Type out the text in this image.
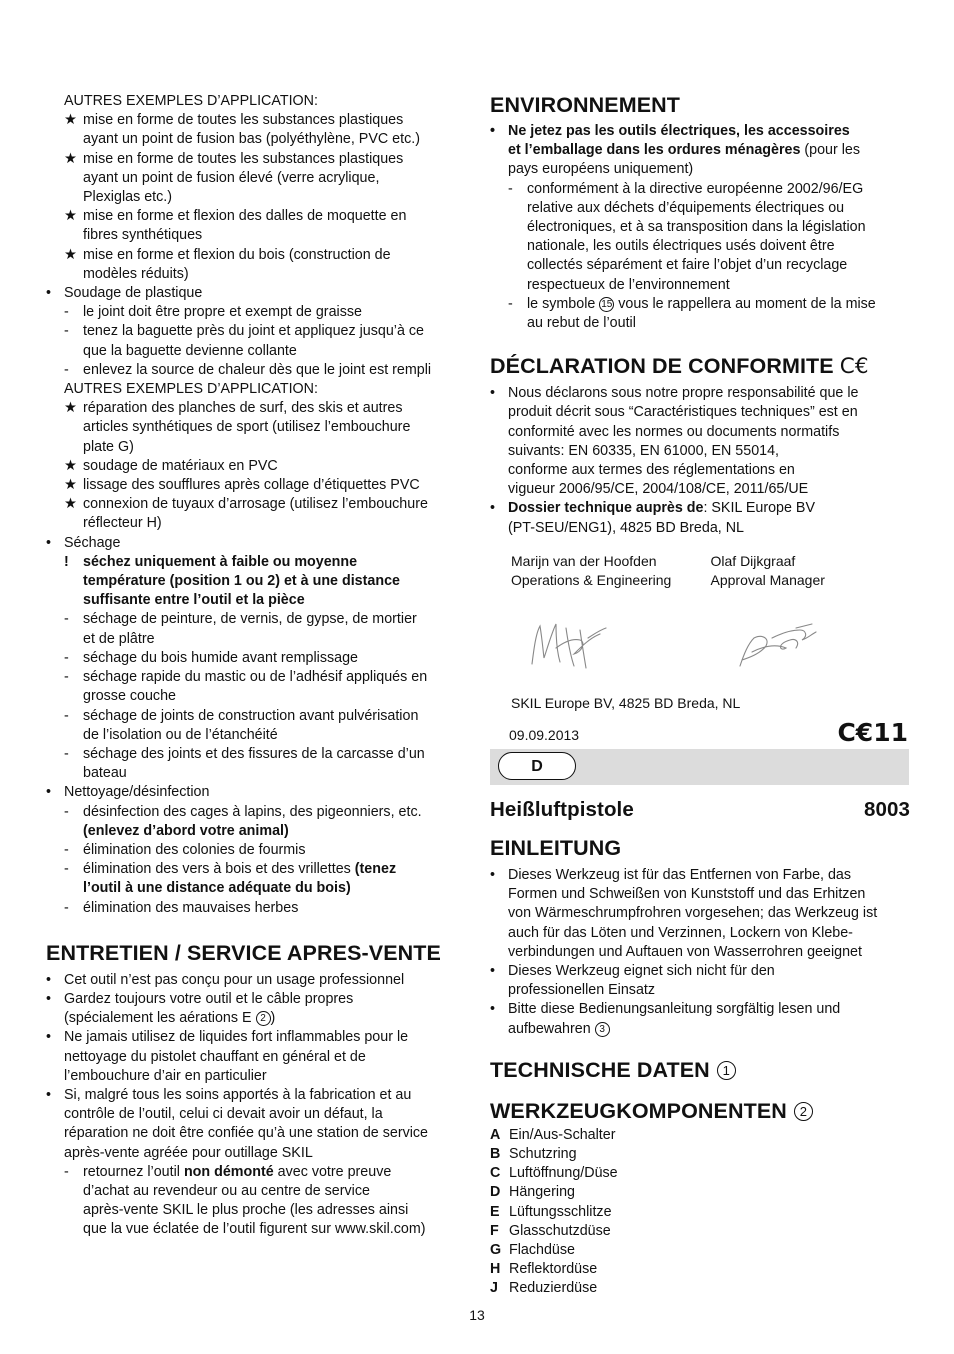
AUTRES EXEMPLES D’APPLICATION:
★ mise en forme de toutes les substances plastiques
ayant un point de fusion bas (polyéthylène, PVC etc.)
★ mise en forme de toutes les substances plastiques
ayant un point de fusion élevé (verre acrylique,
Plexiglas etc.)
★ mise en forme et flexion des dalles de moquette en
fibres synthétiques
★ mise en forme et flexion du bois (construction de
modèles réduits)
• Soudage de plastique
- le joint doit être propre et exempt de graisse
- tenez la baguette près du joint et appliquez jusqu’à ce
que la baguette devienne collante
- enlevez la source de chaleur dès que le joint est rempli
AUTRES EXEMPLES D’APPLICATION:
★ réparation des planches de surf, des skis et autres
articles synthétiques de sport (utilisez l’embouchure
plate G)
★ soudage de matériaux en PVC
★ lissage des soufflures après collage d’étiquettes PVC
★ connexion de tuyaux d’arrosage (utilisez l’embouchure
réflecteur H)
• Séchage
! séchez uniquement à faible ou moyenne
température (position 1 ou 2) et à une distance
suffisante entre l’outil et la pièce
- séchage de peinture, de vernis, de gypse, de mortier
et de plâtre
- séchage du bois humide avant remplissage
- séchage rapide du mastic ou de l’adhésif appliqués en
grosse couche
- séchage de joints de construction avant pulvérisation
de l’isolation ou de l’étanchéité
- séchage des joints et des fissures de la carcasse d’un
bateau
• Nettoyage/désinfection
- désinfection des cages à lapins, des pigeonniers, etc.
(enlevez d’abord votre animal)
- élimination des colonies de fourmis
- élimination des vers à bois et des vrillettes (tenez
l’outil à une distance adéquate du bois)
- élimination des mauvaises herbes
ENTRETIEN / SERVICE APRES-VENTE
• Cet outil n’est pas conçu pour un usage professionnel
• Gardez toujours votre outil et le câble propres
(spécialement les aérations E 2 )
• Ne jamais utilisez de liquides fort inflammables pour le
nettoyage du pistolet chauffant en général et de
l’embouchure d’air en particulier
• Si, malgré tous les soins apportés à la fabrication et au
contrôle de l’outil, celui ci devait avoir un défaut, la
réparation ne doit être confiée qu’à une station de service
après-vente agréée pour outillage SKIL
- retournez l’outil non démonté avec votre preuve
d’achat au revendeur ou au centre de service
après-vente SKIL le plus proche (les adresses ainsi
que la vue éclatée de l’outil figurent sur www.skil.com)
ENVIRONNEMENT
• Ne jetez pas les outils électriques, les accessoires
et l’emballage dans les ordures ménagères (pour les
pays européens uniquement)
- conformément à la directive européenne 2002/96/EG
relative aux déchets d’équipements électriques ou
électroniques, et à sa transposition dans la législation
nationale, les outils électriques usés doivent être
collectés séparément et faire l’objet d’un recyclage
respectueux de l’environnement
- le symbole 15 vous le rappellera au moment de la mise
au rebut de l’outil
DÉCLARATION DE CONFORMITE C€
• Nous déclarons sous notre propre responsabilité que le
produit décrit sous “Caractéristiques techniques” est en
conformité avec les normes ou documents normatifs
suivants: EN 60335, EN 61000, EN 55014,
conforme aux termes des réglementations en
vigueur 2006/95/CE, 2004/108/CE, 2011/65/UE
• Dossier technique auprès de: SKIL Europe BV
(PT-SEU/ENG1), 4825 BD Breda, NL
Marijn van der Hoofden
Operations & Engineering
Olaf Dijkgraaf
Approval Manager
SKIL Europe BV, 4825 BD Breda, NL
09.09.2013	C€11
D
13
Heißluftpistole	8003
EINLEITUNG
• Dieses Werkzeug ist für das Entfernen von Farbe, das
Formen und Schweißen von Kunststoff und das Erhitzen
von Wärmeschrumpfrohren vorgesehen; das Werkzeug ist
auch für das Löten und Verzinnen, Lockern von Klebe-
verbindungen und Auftauen von Wasserrohren geeignet
• Dieses Werkzeug eignet sich nicht für den
professionellen Einsatz
• Bitte diese Bedienungsanleitung sorgfältig lesen und
aufbewahren 3
TECHNISCHE DATEN 1
WERKZEUGKOMPONENTEN 2
A Ein/Aus-Schalter
B Schutzring
C Luftöffnung/Düse
D Hängering
E Lüftungsschlitze
F Glasschutzdüse
G Flachdüse
H Reflektordüse
J Reduzierdüse
